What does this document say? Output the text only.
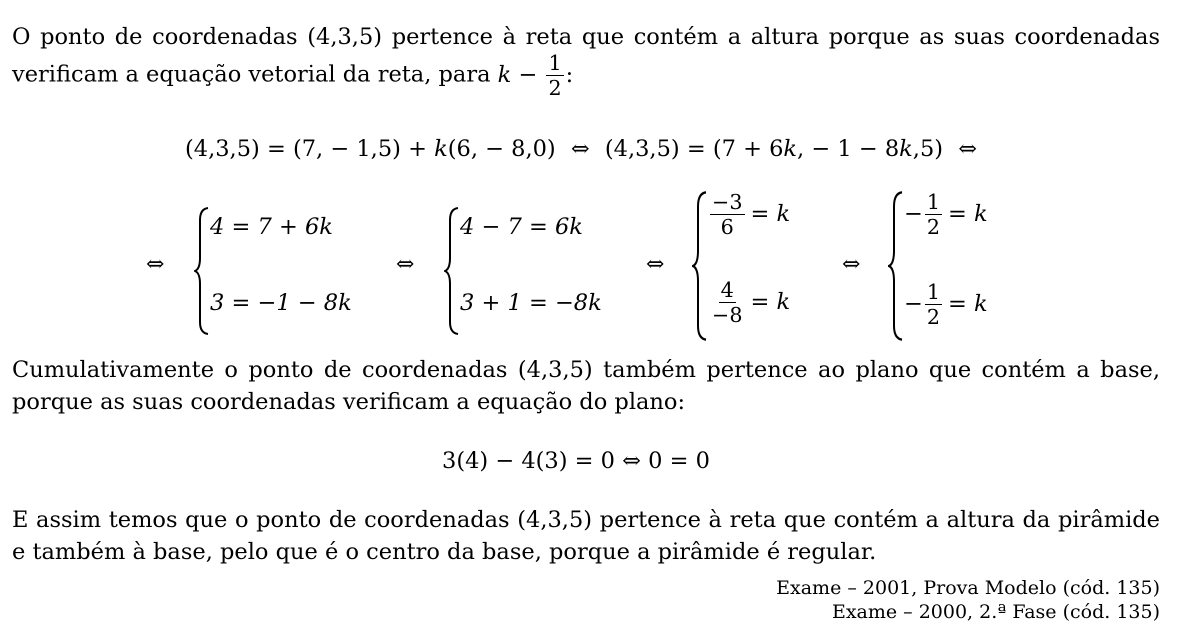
O ponto de coordenadas (4,3,5) pertence à reta que contém a altura porque as suas coordenadas verificam a equação vetorial da reta, para $k - \frac{1}{2}$ :
(4,3,5) = (7, − 1,5) + k(6, − 8,0) ⇔ (4,3,5) = (7 + 6k, − 1 − 8k,5) ⇔
⇔	⇔	⇔	⇔
4 = 7 + 6k
3 = −1 − 8k
4 − 7 = 6k
3 + 1 = −8k
$\frac{-3}{6} = k$
$\frac{4}{-8} = k$
− $\frac{1}{2} = k$
− $\frac{1}{2} = k$
Cumulativamente o ponto de coordenadas (4,3,5) também pertence ao plano que contém a base, porque as suas coordenadas verificam a equação do plano:
3(4) − 4(3) = 0 ⇔ 0 = 0
E assim temos que o ponto de coordenadas (4,3,5) pertence à reta que contém a altura da pirâmide e também à base, pelo que é o centro da base, porque a pirâmide é regular.
Exame – 2001, Prova Modelo (cód. 135)
Exame – 2000, 2.ª Fase (cód. 135)
